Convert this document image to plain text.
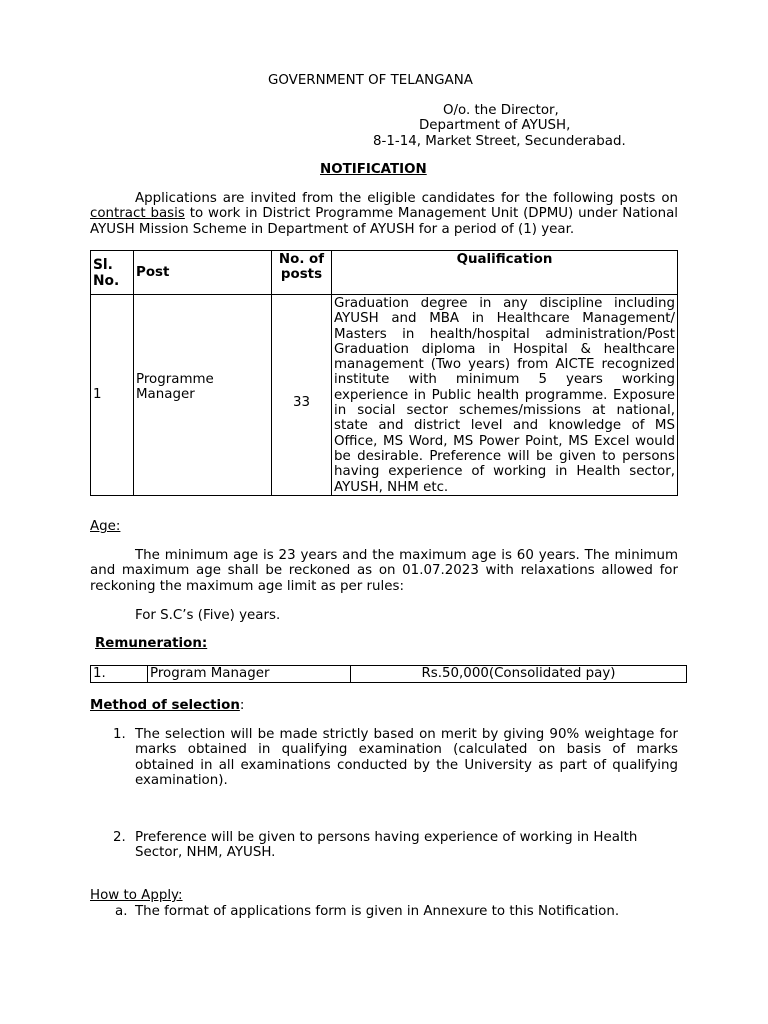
GOVERNMENT OF TELANGANA
O/o. the Director,
Department of AYUSH,
8-1-14, Market Street, Secunderabad.
NOTIFICATION
Applications are invited from the eligible candidates for the following posts on contract basis to work in District Programme Management Unit (DPMU) under National AYUSH Mission Scheme in Department of AYUSH for a period of (1) year.
Sl. No.	Post	No. of posts	Qualification
1	Programme Manager	33	Graduation degree in any discipline including AYUSH and MBA in Healthcare Management/ Masters in health/hospital administration/Post Graduation diploma in Hospital & healthcare management (Two years) from AICTE recognized institute with minimum 5 years working experience in Public health programme. Exposure in social sector schemes/missions at national, state and district level and knowledge of MS Office, MS Word, MS Power Point, MS Excel would be desirable. Preference will be given to persons having experience of working in Health sector, AYUSH, NHM etc.
Age:
The minimum age is 23 years and the maximum age is 60 years. The minimum and maximum age shall be reckoned as on 01.07.2023 with relaxations allowed for reckoning the maximum age limit as per rules:
For S.C’s (Five) years.
Remuneration:
1.	Program Manager	Rs.50,000(Consolidated pay)
Method of selection:
1. The selection will be made strictly based on merit by giving 90% weightage for marks obtained in qualifying examination (calculated on basis of marks obtained in all examinations conducted by the University as part of qualifying examination).
2. Preference will be given to persons having experience of working in Health Sector, NHM, AYUSH.
How to Apply:
a. The format of applications form is given in Annexure to this Notification.
